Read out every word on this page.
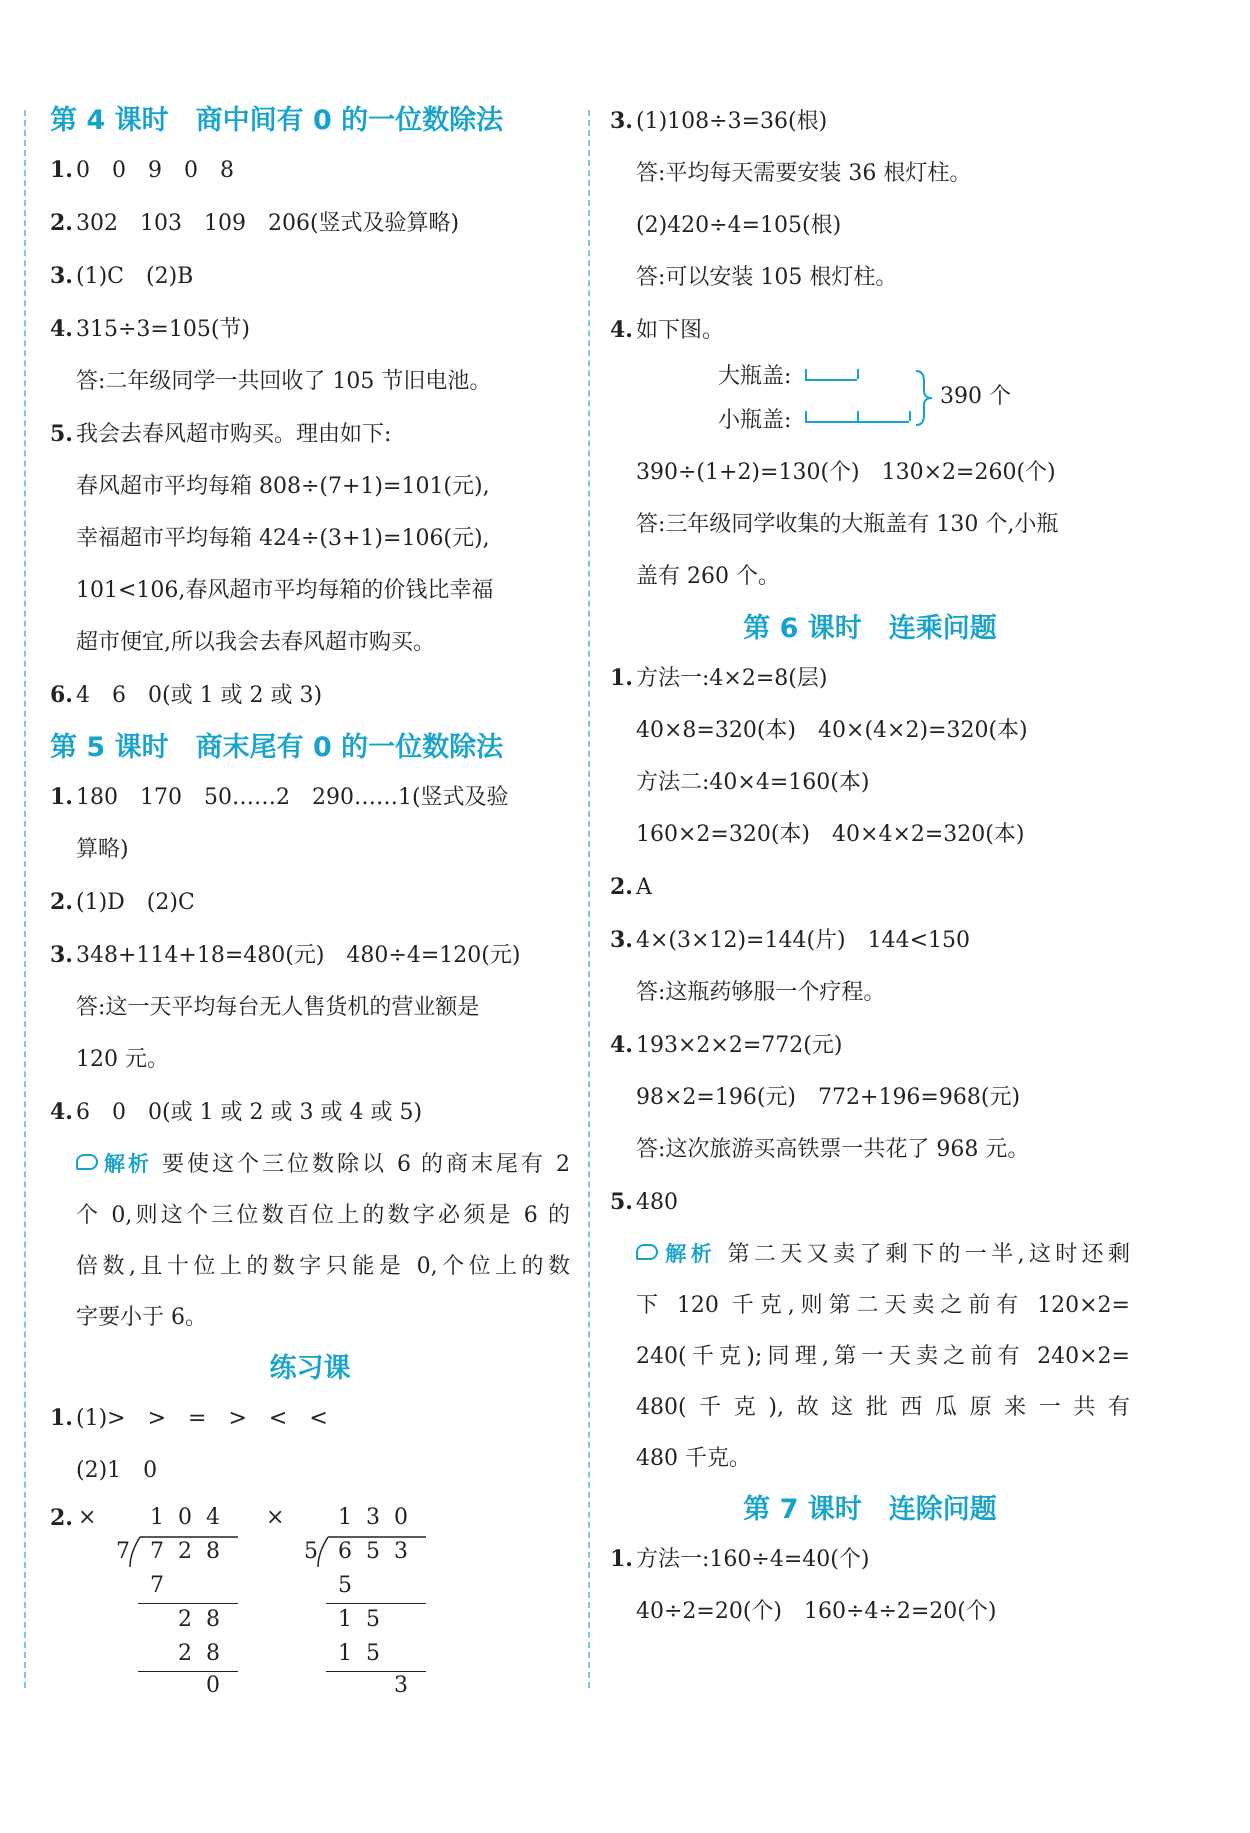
第 4 课时　商中间有 0 的一位数除法
1. 0　0　9　0　8
2. 302　103　109　206(竖式及验算略)
3. (1)C　(2)B
4. 315÷3=105(节)
答:二年级同学一共回收了 105 节旧电池。
5. 我会去春风超市购买。理由如下:
春风超市平均每箱 808÷(7+1)=101(元),
幸福超市平均每箱 424÷(3+1)=106(元),
101<106,春风超市平均每箱的价钱比幸福
超市便宜,所以我会去春风超市购买。
6. 4　6　0(或 1 或 2 或 3)
第 5 课时　商末尾有 0 的一位数除法
1. 180　170　50……2　290……1(竖式及验
算略)
2. (1)D　(2)C
3. 348+114+18=480(元)　480÷4=120(元)
答:这一天平均每台无人售货机的营业额是
120 元。
4. 6　0　0(或 1 或 2 或 3 或 4 或 5)
解析 要使这个三位数除以 6 的商末尾有 2
个 0,则这个三位数百位上的数字必须是 6 的
倍数,且十位上的数字只能是 0,个位上的数
字要小于 6。
练习课
1. (1)>　>　=　>　<　<
(2)1　0
2. × 1 0 4
7 7 2 8
7
2 8
2 8
0
× 1 3 0
5 6 5 3
5
1 5
1 5
3
3. (1)108÷3=36(根)
答:平均每天需要安装 36 根灯柱。
(2)420÷4=105(根)
答:可以安装 105 根灯柱。
4. 如下图。
大瓶盖:
小瓶盖:
390 个
390÷(1+2)=130(个)　130×2=260(个)
答:三年级同学收集的大瓶盖有 130 个,小瓶
盖有 260 个。
第 6 课时　连乘问题
1. 方法一:4×2=8(层)
40×8=320(本)　40×(4×2)=320(本)
方法二:40×4=160(本)
160×2=320(本)　40×4×2=320(本)
2. A
3. 4×(3×12)=144(片)　144<150
答:这瓶药够服一个疗程。
4. 193×2×2=772(元)
98×2=196(元)　772+196=968(元)
答:这次旅游买高铁票一共花了 968 元。
5. 480
解析 第二天又卖了剩下的一半,这时还剩
下 120 千克,则第二天卖之前有 120×2=
240(千克);同理,第一天卖之前有 240×2=
480(千克),故这批西瓜原来一共有
480 千克。
第 7 课时　连除问题
1. 方法一:160÷4=40(个)
40÷2=20(个)　160÷4÷2=20(个)
